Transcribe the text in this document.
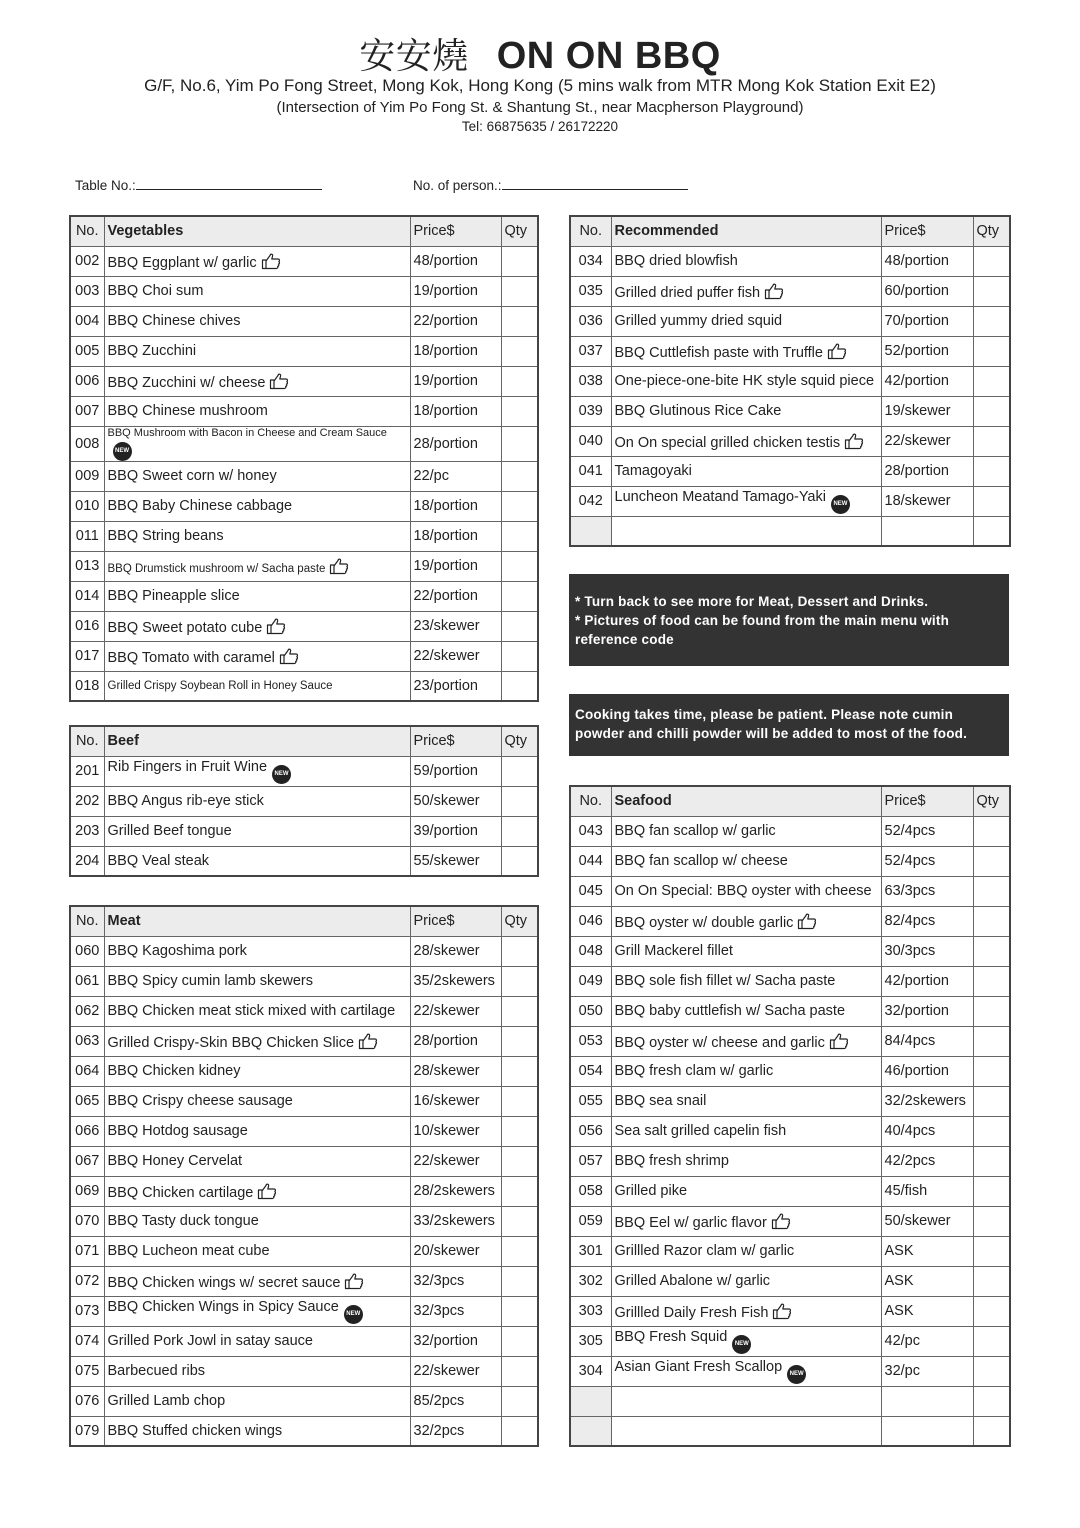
安安燒 ON ON BBQ
G/F, No.6, Yim Po Fong Street, Mong Kok, Hong Kong (5 mins walk from MTR Mong Kok Station Exit E2)
(Intersection of Yim Po Fong St. & Shantung St., near Macpherson Playground)
Tel: 66875635 / 26172220
Table No.:	No. of person.:
No.	Vegetables	Price$	Qty
002	BBQ Eggplant w/ garlic	48/portion	
003	BBQ Choi sum	19/portion	
004	BBQ Chinese chives	22/portion	
005	BBQ Zucchini	18/portion	
006	BBQ Zucchini w/ cheese	19/portion	
007	BBQ Chinese mushroom	18/portion	
008	BBQ Mushroom with Bacon in Cheese and Cream SauceNEW	28/portion	
009	BBQ Sweet corn w/ honey	22/pc	
010	BBQ Baby Chinese cabbage	18/portion	
011	BBQ String beans	18/portion	
013	BBQ Drumstick mushroom w/ Sacha paste	19/portion	
014	BBQ Pineapple slice	22/portion	
016	BBQ Sweet potato cube	23/skewer	
017	BBQ Tomato with caramel	22/skewer	
018	Grilled Crispy Soybean Roll in Honey Sauce	23/portion	
No.	Beef	Price$	Qty
201	Rib Fingers in Fruit Wine NEW	59/portion	
202	BBQ Angus rib-eye stick	50/skewer	
203	Grilled Beef tongue	39/portion	
204	BBQ Veal steak	55/skewer	
No.	Meat	Price$	Qty
060	BBQ Kagoshima pork	28/skewer	
061	BBQ Spicy cumin lamb skewers	35/2skewers	
062	BBQ Chicken meat stick mixed with cartilage	22/skewer	
063	Grilled Crispy-Skin BBQ Chicken Slice	28/portion	
064	BBQ Chicken kidney	28/skewer	
065	BBQ Crispy cheese sausage	16/skewer	
066	BBQ Hotdog sausage	10/skewer	
067	BBQ Honey Cervelat	22/skewer	
069	BBQ Chicken cartilage	28/2skewers	
070	BBQ Tasty duck tongue	33/2skewers	
071	BBQ Lucheon meat cube	20/skewer	
072	BBQ Chicken wings w/ secret sauce	32/3pcs	
073	BBQ Chicken Wings in Spicy Sauce NEW	32/3pcs	
074	Grilled Pork Jowl in satay sauce	32/portion	
075	Barbecued ribs	22/skewer	
076	Grilled Lamb chop	85/2pcs	
079	BBQ Stuffed chicken wings	32/2pcs	
No.	Recommended	Price$	Qty
034	BBQ dried blowfish	48/portion	
035	Grilled dried puffer fish	60/portion	
036	Grilled yummy dried squid	70/portion	
037	BBQ Cuttlefish paste with Truffle	52/portion	
038	One-piece-one-bite HK style squid piece	42/portion	
039	BBQ Glutinous Rice Cake	19/skewer	
040	On On special grilled chicken testis	22/skewer	
041	Tamagoyaki	28/portion	
042	Luncheon Meatand Tamago-Yaki NEW	18/skewer	

No.	Seafood	Price$	Qty
043	BBQ fan scallop w/ garlic	52/4pcs	
044	BBQ fan scallop w/ cheese	52/4pcs	
045	On On Special: BBQ oyster with cheese	63/3pcs	
046	BBQ oyster w/ double garlic	82/4pcs	
048	Grill Mackerel fillet	30/3pcs	
049	BBQ sole fish fillet w/ Sacha paste	42/portion	
050	BBQ baby cuttlefish w/ Sacha paste	32/portion	
053	BBQ oyster w/ cheese and garlic	84/4pcs	
054	BBQ fresh clam w/ garlic	46/portion	
055	BBQ sea snail	32/2skewers	
056	Sea salt grilled capelin fish	40/4pcs	
057	BBQ fresh shrimp	42/2pcs	
058	Grilled pike	45/fish	
059	BBQ Eel w/ garlic flavor	50/skewer	
301	Grillled Razor clam w/ garlic	ASK	
302	Grilled Abalone w/ garlic	ASK	
303	Grillled Daily Fresh Fish	ASK	
305	BBQ Fresh Squid NEW	42/pc	
304	Asian Giant Fresh Scallop NEW	32/pc	

* Turn back to see more for Meat, Dessert and Drinks.
* Pictures of food can be found from the main menu with
reference code
Cooking takes time, please be patient. Please note cumin
powder and chilli powder will be added to most of the food.
